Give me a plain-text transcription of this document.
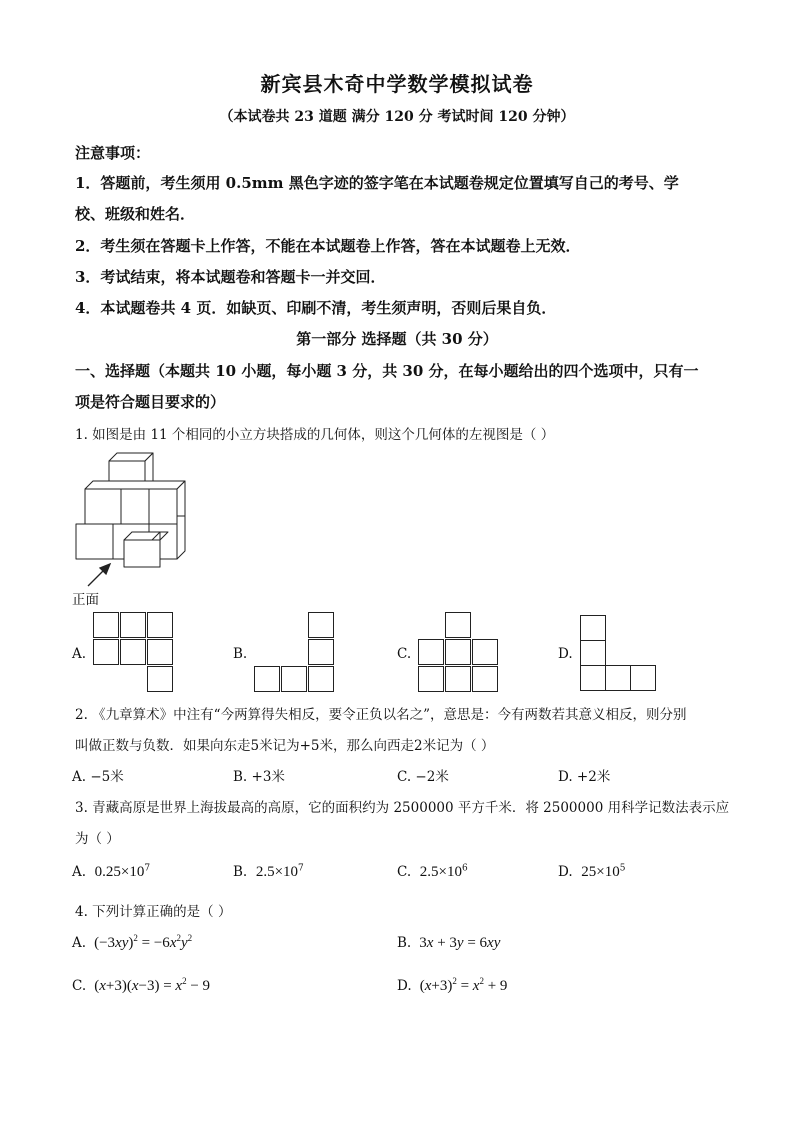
新宾县木奇中学数学模拟试卷
（本试卷共 23 道题 满分 120 分 考试时间 120 分钟）
注意事项：
1．答题前，考生须用 0.5mm 黑色字迹的签字笔在本试题卷规定位置填写自己的考号、学
校、班级和姓名．
2．考生须在答题卡上作答，不能在本试题卷上作答，答在本试题卷上无效．
3．考试结束，将本试题卷和答题卡一并交回．
4．本试题卷共 4 页．如缺页、印刷不清，考生须声明，否则后果自负．
第一部分 选择题（共 30 分）
一、选择题（本题共 10 小题，每小题 3 分，共 30 分，在每小题给出的四个选项中，只有一
项是符合题目要求的）
1. 如图是由 11 个相同的小立方块搭成的几何体，则这个几何体的左视图是（ ）
正面
A.	B.	C.	D.
2. 《九章算术》中注有“今两算得失相反，要令正负以名之”，意思是：今有两数若其意义相反，则分别
叫做正数与负数．如果向东走5米记为+5米，那么向西走2米记为（ ）
A. −5米	B. +3米	C. −2米	D. +2米
3. 青藏高原是世界上海拔最高的高原，它的面积约为 2500000 平方千米．将 2500000 用科学记数法表示应
为（ ）
A. $0.25\times 10^7$	B. $2.5\times 10^7$	C. $2.5\times 10^6$	D. $25\times 10^5$
4. 下列计算正确的是（ ）
A.  $(-3xy)^2 = -6x^2y^2$	B.  3x + 3y = 6xy
C.  $(x+3)(x-3) = x^2 - 9$	D.  $(x+3)^2 = x^2 + 9$
